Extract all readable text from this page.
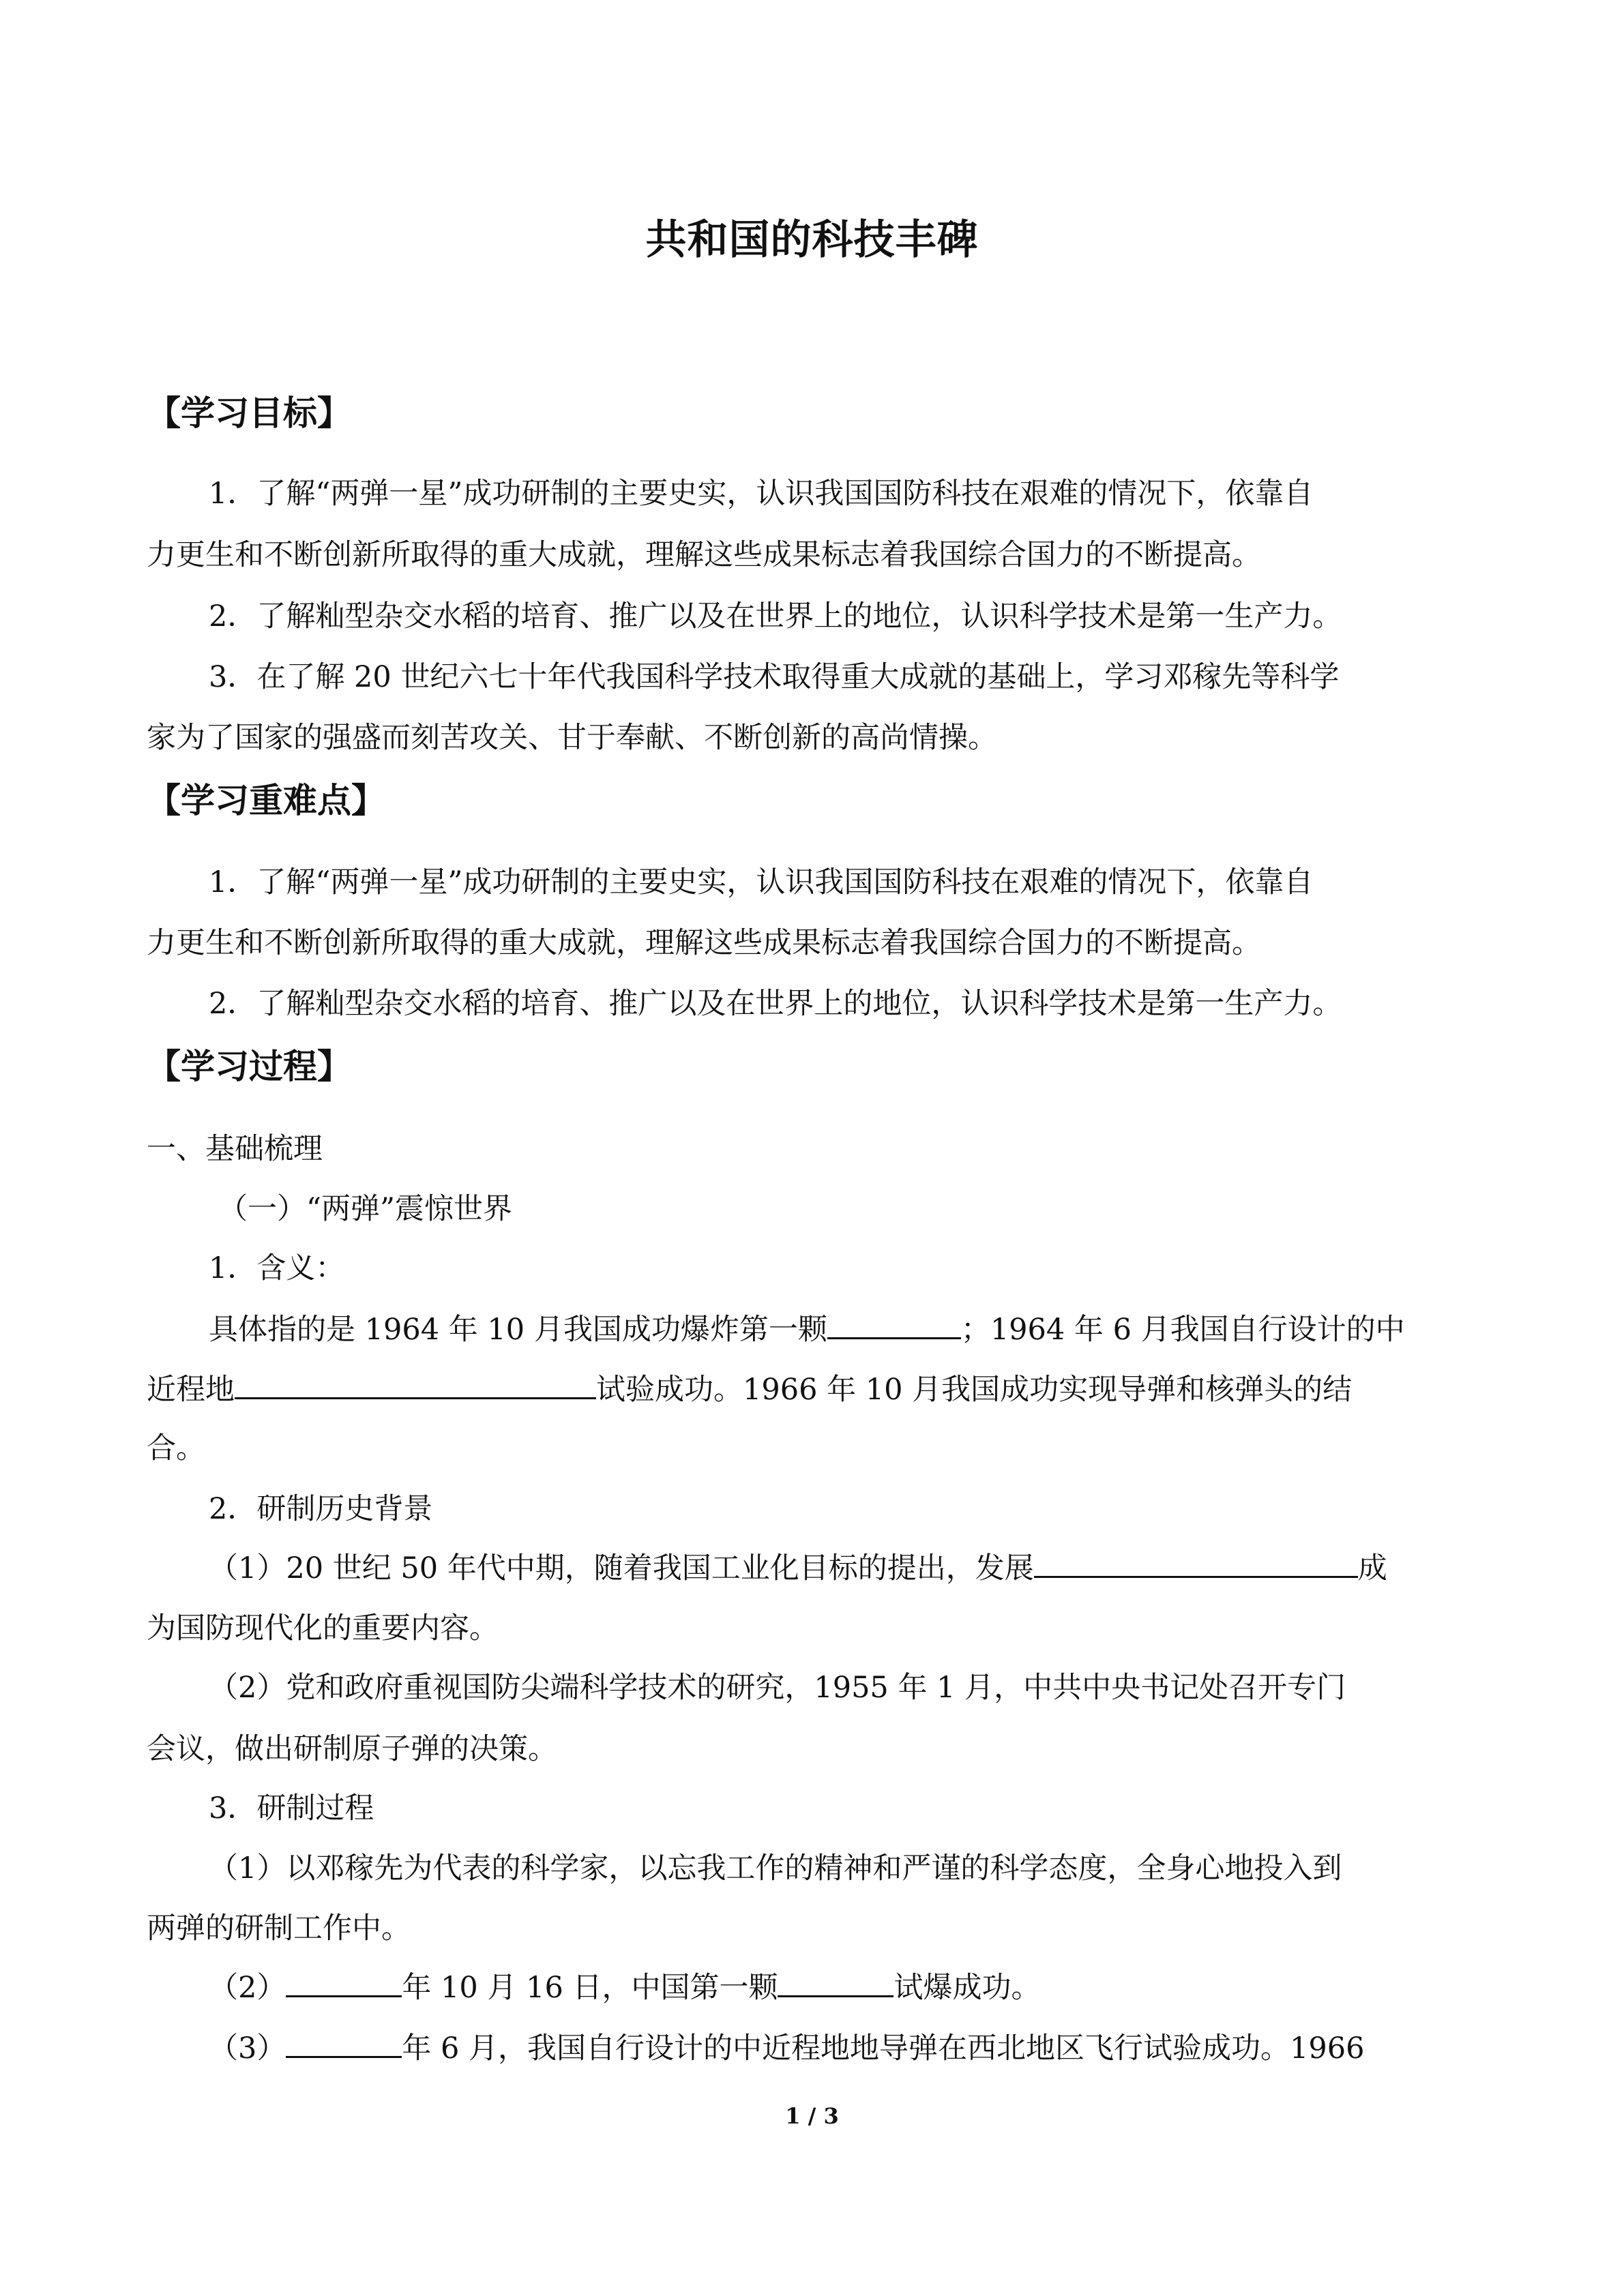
共和国的科技丰碑
【学习目标】
1．了解“两弹一星”成功研制的主要史实，认识我国国防科技在艰难的情况下，依靠自
力更生和不断创新所取得的重大成就，理解这些成果标志着我国综合国力的不断提高。
2．了解籼型杂交水稻的培育、推广以及在世界上的地位，认识科学技术是第一生产力。
3．在了解 20 世纪六七十年代我国科学技术取得重大成就的基础上，学习邓稼先等科学
家为了国家的强盛而刻苦攻关、甘于奉献、不断创新的高尚情操。
【学习重难点】
1．了解“两弹一星”成功研制的主要史实，认识我国国防科技在艰难的情况下，依靠自
力更生和不断创新所取得的重大成就，理解这些成果标志着我国综合国力的不断提高。
2．了解籼型杂交水稻的培育、推广以及在世界上的地位，认识科学技术是第一生产力。
【学习过程】
一、基础梳理
（一）“两弹”震惊世界
1．含义：
具体指的是 1964 年 10 月我国成功爆炸第一颗	；1964 年 6 月我国自行设计的中
近程地	试验成功。1966 年 10 月我国成功实现导弹和核弹头的结
合。
2．研制历史背景
（1）20 世纪 50 年代中期，随着我国工业化目标的提出，发展	成
为国防现代化的重要内容。
（2）党和政府重视国防尖端科学技术的研究，1955 年 1 月，中共中央书记处召开专门
会议，做出研制原子弹的决策。
3．研制过程
（1）以邓稼先为代表的科学家，以忘我工作的精神和严谨的科学态度，全身心地投入到
两弹的研制工作中。
（2）	年 10 月 16 日，中国第一颗	试爆成功。
（3）	年 6 月，我国自行设计的中近程地地导弹在西北地区飞行试验成功。1966
1 / 3
